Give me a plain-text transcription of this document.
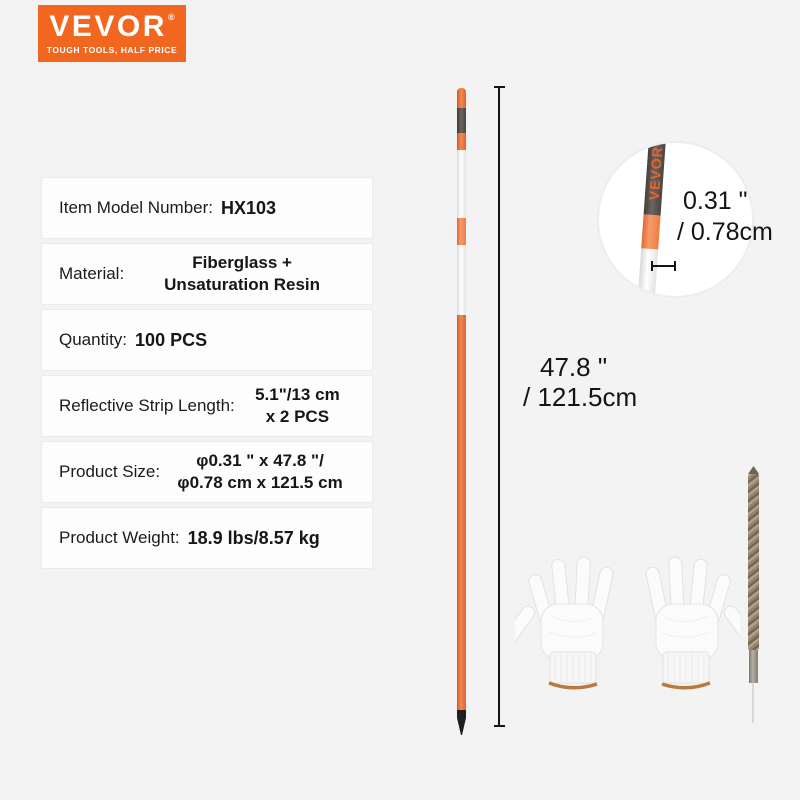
VEVOR ®
TOUGH TOOLS, HALF PRICE
Item Model Number: HX103
Material:
Fiberglass +
Unsaturation Resin
Quantity: 100 PCS
Reflective Strip Length:
5.1"/13 cm
x 2 PCS
Product Size:
φ0.31 " x 47.8 "/
φ0.78 cm x 121.5 cm
Product Weight: 18.9 lbs/8.57 kg
47.8 "
/ 121.5cm
VEVOR
0.31 "
/ 0.78cm
